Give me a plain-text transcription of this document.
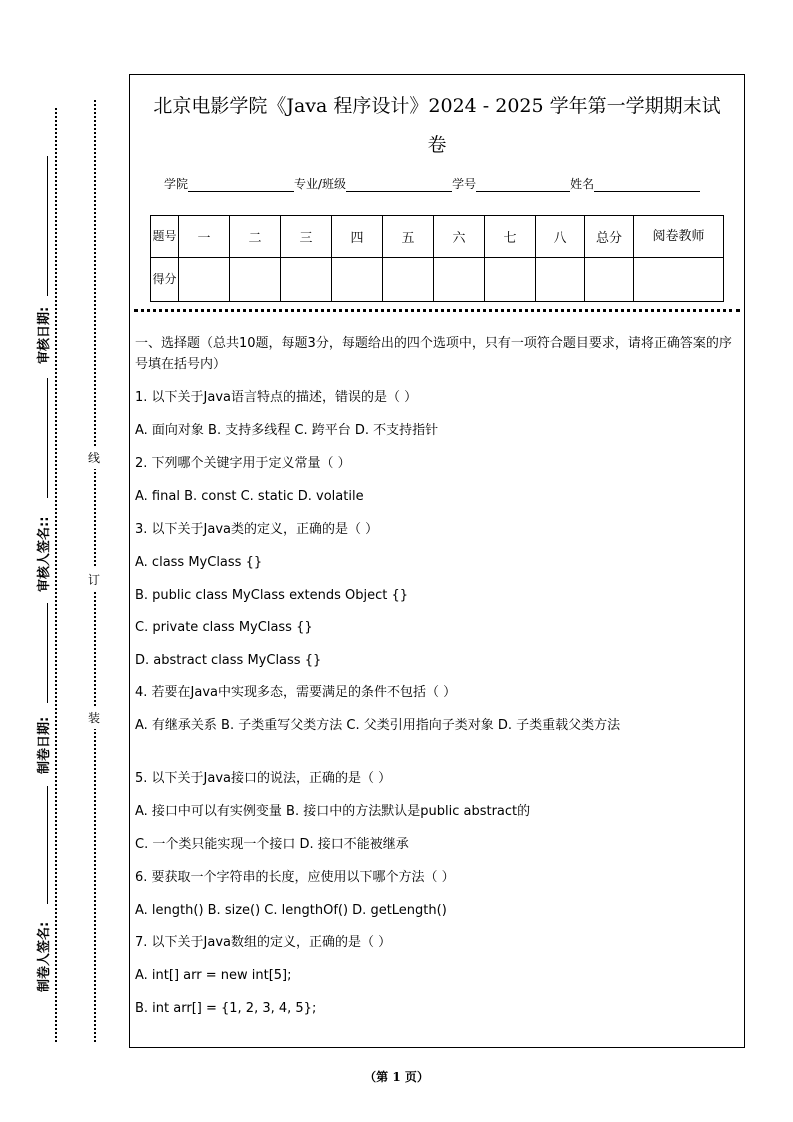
审核日期:
审核人签名::
制卷日期:
制卷人签名:
线
订
装
北京电影学院《Java 程序设计》2024 - 2025 学年第一学期期末试
卷
学院	专业/班级	学号	姓名
题号	一	二	三	四	五	六	七	八	总分	阅卷教师
得分										
一、选择题（总共10题，每题3分，每题给出的四个选项中，只有一项符合题目要求，请将正确答案的序号填在括号内）
1. 以下关于Java语言特点的描述，错误的是（ ）
A. 面向对象 B. 支持多线程 C. 跨平台 D. 不支持指针
2. 下列哪个关键字用于定义常量（ ）
A. final B. const C. static D. volatile
3. 以下关于Java类的定义，正确的是（ ）
A. class MyClass {}
B. public class MyClass extends Object {}
C. private class MyClass {}
D. abstract class MyClass {}
4. 若要在Java中实现多态，需要满足的条件不包括（ ）
A. 有继承关系 B. 子类重写父类方法 C. 父类引用指向子类对象 D. 子类重载父类方法
5. 以下关于Java接口的说法，正确的是（ ）
A. 接口中可以有实例变量 B. 接口中的方法默认是public abstract的
C. 一个类只能实现一个接口 D. 接口不能被继承
6. 要获取一个字符串的长度，应使用以下哪个方法（ ）
A. length() B. size() C. lengthOf() D. getLength()
7. 以下关于Java数组的定义，正确的是（ ）
A. int[] arr = new int[5];
B. int arr[] = {1, 2, 3, 4, 5};
（第 1 页）
